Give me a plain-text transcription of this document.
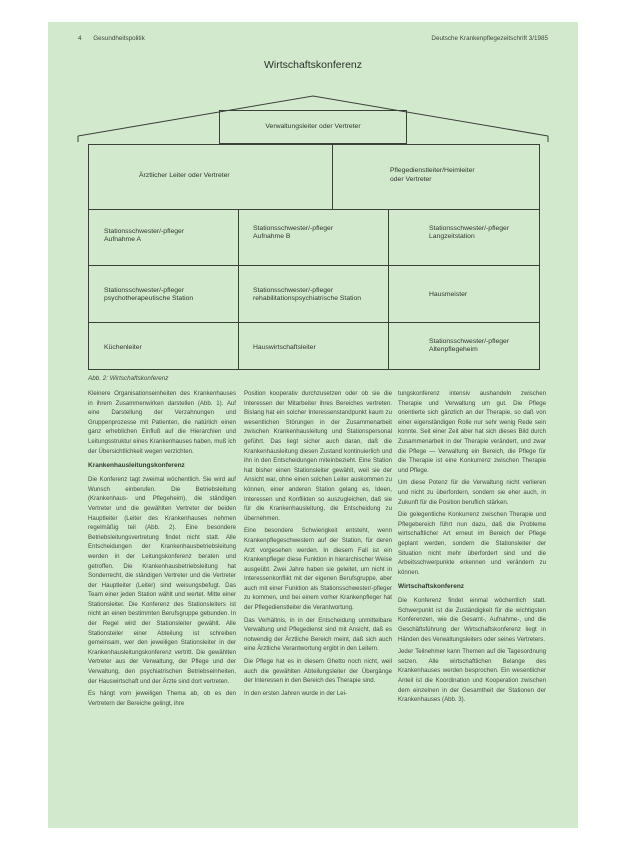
4 Gesundheitspolitik	Deutsche Krankenpflegezeitschrift 3/1985
Wirtschaftskonferenz
Verwaltungsleiter oder Vertreter
Ärztlicher Leiter oder Vertreter
Pflegedienstleiter/Heimleiter
oder Vertreter
Stationsschwester/-pfleger
Aufnahme A
Stationsschwester/-pfleger
Aufnahme B
Stationsschwester/-pfleger
Langzeitstation
Stationsschwester/-pfleger
psychotherapeutische Station
Stationsschwester/-pfleger
rehabilitationspsychiatrische Station
Hausmeister
Küchenleiter	Hauswirtschaftsleiter
Stationsschwester/-pfleger
Altenpflegeheim
Abb. 2: Wirtschaftskonferenz

Kleinere Organisationseinheiten des Krankenhauses in ihrem Zusammenwirken darstellen (Abb. 1). Auf eine Darstellung der Verzahnungen und Gruppenprozesse mit Patienten, die natürlich einen ganz erheblichen Einfluß auf die Hierarchien und Leitungsstruktur eines Krankenhauses haben, muß ich der Übersichtlichkeit wegen verzichten.

Krankenhausleitungskonferenz

Die Konferenz tagt zweimal wöchentlich. Sie wird auf Wunsch einberufen. Die Betriebsleitung (Krankenhaus- und Pflegeheim), die ständigen Vertreter und die gewählten Vertreter der beiden Hauptleiter (Leiter des Krankenhauses nehmen regelmäßig teil (Abb. 2). Eine besondere Betriebsleitungsvertretung findet nicht statt. Alle Entscheidungen der Krankenhausbetriebsleitung werden in der Leitungskonferenz beraten und getroffen. Die Krankenhausbetriebsleitung hat Sonderrecht, die ständigen Vertreter und die Vertreter der Hauptleiter (Leiter) sind weisungsbefugt. Das Team einer jeden Station wählt und wertet. Mitte einer Stationsleiter. Die Konferenz des Stationsleiters ist nicht an einen bestimmten Berufsgruppe gebunden. In der Regel wird der Stationsleiter gewählt. Alle Stationsteiler einer Abteilung ist schreiben gemeinsam, wer den jeweiligen Stationsleiter in der Krankenhausleitungskonferenz vertritt. Die gewählten Vertreter aus der Verwaltung, der Pflege und der Verwaltung, den psychiatrischen Betriebseinheiten, der Hauswirtschaft und der Ärzte sind dort vertreten.

Es hängt vom jeweiligen Thema ab, ob es den Vertretern der Bereiche gelingt, ihre

Position kooperativ durchzusetzen oder ob sie die Interessen der Mitarbeiter ihres Bereiches vertreten. Bislang hat ein solcher Interessenstandpunkt kaum zu wesentlichen Störungen in der Zusammenarbeit zwischen Krankenhausleitung und Stationspersonal geführt. Das liegt sicher auch daran, daß die Krankenhausleitung diesen Zustand kontinuierlich und ihn in den Entscheidungen miteinbezieht. Eine Station hat bisher einen Stationsleiter gewählt, weil sie der Ansicht war, ohne einen solchen Leiter auskommen zu können, einer anderen Station gelang es, Ideen, Interessen und Konflikten so auszugleichen, daß sie für die Krankenhausleitung, die Entscheidung zu übernehmen.

Eine besondere Schwierigkeit entsteht, wenn Krankenpflegeschwestern auf der Station, für deren Arzt vorgesehen werden. In diesem Fall ist ein Krankenpfleger diese Funktion in hierarchischer Weise ausgeübt. Zwei Jahre haben sie geleitet, um nicht in Interessenkonflikt mit der eigenen Berufsgruppe, aber auch mit einer Funktion als Stationsschwester/-pfleger zu kommen, und bei einem vorher Krankenpfleger hat der Pflegedienstleiter die Verantwortung.

Das Verhältnis, in in der Entscheidung unmittelbare Verwaltung und Pflegedienst sind mit Ansicht, daß es notwendig der Ärztliche Bereich meint, daß sich auch eine Ärztliche Verantwortung ergibt in den Leitern.

Die Pflege hat es in diesem Ghetto noch nicht, weil auch die gewählten Abteilungsleiter der Übergänge der Interessen in den Bereich des Therapie sind.

In den ersten Jahren wurde in der Lei-

tungskonferenz intensiv aushandeln zwischen Therapie und Verwaltung um gut. Die Pflege orientierte sich gänzlich an der Therapie, so daß von einer eigenständigen Rolle nur sehr wenig Rede sein konnte. Seit einer Zeit aber hat sich dieses Bild durch Zusammenarbeit in der Therapie verändert, und zwar die Pflege — Verwaltung ein Bereich, die Pflege für die Therapie ist eine Konkurrenz zwischen Therapie und Pflege.

Um diese Potenz für die Verwaltung nicht verlieren und nicht zu überfordern, sondern sie eher auch, in Zukunft für die Position beruflich stärken.

Die gelegentliche Konkurrenz zwischen Therapie und Pflegebereich führt nun dazu, daß die Probleme wirtschaftlicher Art erneut im Bereich der Pflege geplant werden, sondern die Stationsleiter der Situation nicht mehr überfordert sind und die Arbeitsschwerpunkte erkennen und verändern zu können.

Wirtschaftskonferenz

Die Konferenz findet einmal wöchentlich statt. Schwerpunkt ist die Zuständigkeit für die wichtigsten Konferenzen, wie die Gesamt-, Aufnahme-, und die Geschäftsführung der Wirtschaftskonferenz liegt in Händen des Verwaltungsleiters oder seines Vertreters.

Jeder Teilnehmer kann Themen auf die Tagesordnung setzen. Alle wirtschaftlichen Belange des Krankenhauses werden besprochen. Ein wesentlicher Anteil ist die Koordination und Kooperation zwischen dem einzelnen in der Gesamtheit der Stationen der Krankenhauses (Abb. 3).
